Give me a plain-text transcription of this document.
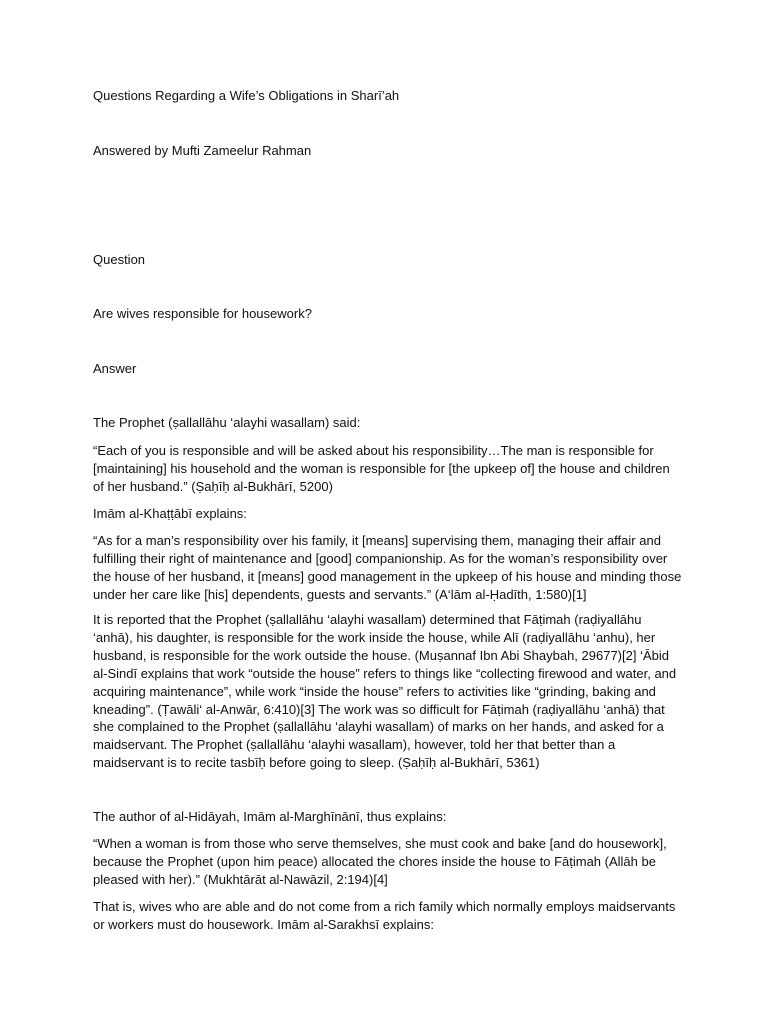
Questions Regarding a Wife’s Obligations in Sharī’ah
Answered by Mufti Zameelur Rahman
Question
Are wives responsible for housework?
Answer

The Prophet (ṣallallāhu ‘alayhi wasallam) said:

“Each of you is responsible and will be asked about his responsibility…The man is responsible for [maintaining] his household and the woman is responsible for [the upkeep of] the house and children of her husband.” (Ṣaḥīḥ al-Bukhārī, 5200)

Imām al-Khaṭṭābī explains:

“As for a man’s responsibility over his family, it [means] supervising them, managing their affair and fulfilling their right of maintenance and [good] companionship. As for the woman’s responsibility over the house of her husband, it [means] good management in the upkeep of his house and minding those under her care like [his] dependents, guests and servants.” (A‘lām al-Ḥadīth, 1:580)[1]

It is reported that the Prophet (ṣallallāhu ‘alayhi wasallam) determined that Fāṭimah (raḍiyallāhu ‘anhā), his daughter, is responsible for the work inside the house, while Alī (raḍiyallāhu ‘anhu), her husband, is responsible for the work outside the house. (Muṣannaf Ibn Abi Shaybah, 29677)[2] ‘Ābid al-Sindī explains that work “outside the house” refers to things like “collecting firewood and water, and acquiring maintenance”, while work “inside the house” refers to activities like “grinding, baking and kneading”. (Ṭawāli‘ al-Anwār, 6:410)[3] The work was so difficult for Fāṭimah (raḍiyallāhu ‘anhā) that she complained to the Prophet (ṣallallāhu ‘alayhi wasallam) of marks on her hands, and asked for a maidservant. The Prophet (ṣallallāhu ‘alayhi wasallam), however, told her that better than a maidservant is to recite tasbīḥ before going to sleep. (Ṣaḥīḥ al-Bukhārī, 5361)

The author of al-Hidāyah, Imām al-Marghīnānī, thus explains:

“When a woman is from those who serve themselves, she must cook and bake [and do housework], because the Prophet (upon him peace) allocated the chores inside the house to Fāṭimah (Allāh be pleased with her).” (Mukhtārāt al-Nawāzil, 2:194)[4]

That is, wives who are able and do not come from a rich family which normally employs maidservants or workers must do housework. Imām al-Sarakhsī explains:
